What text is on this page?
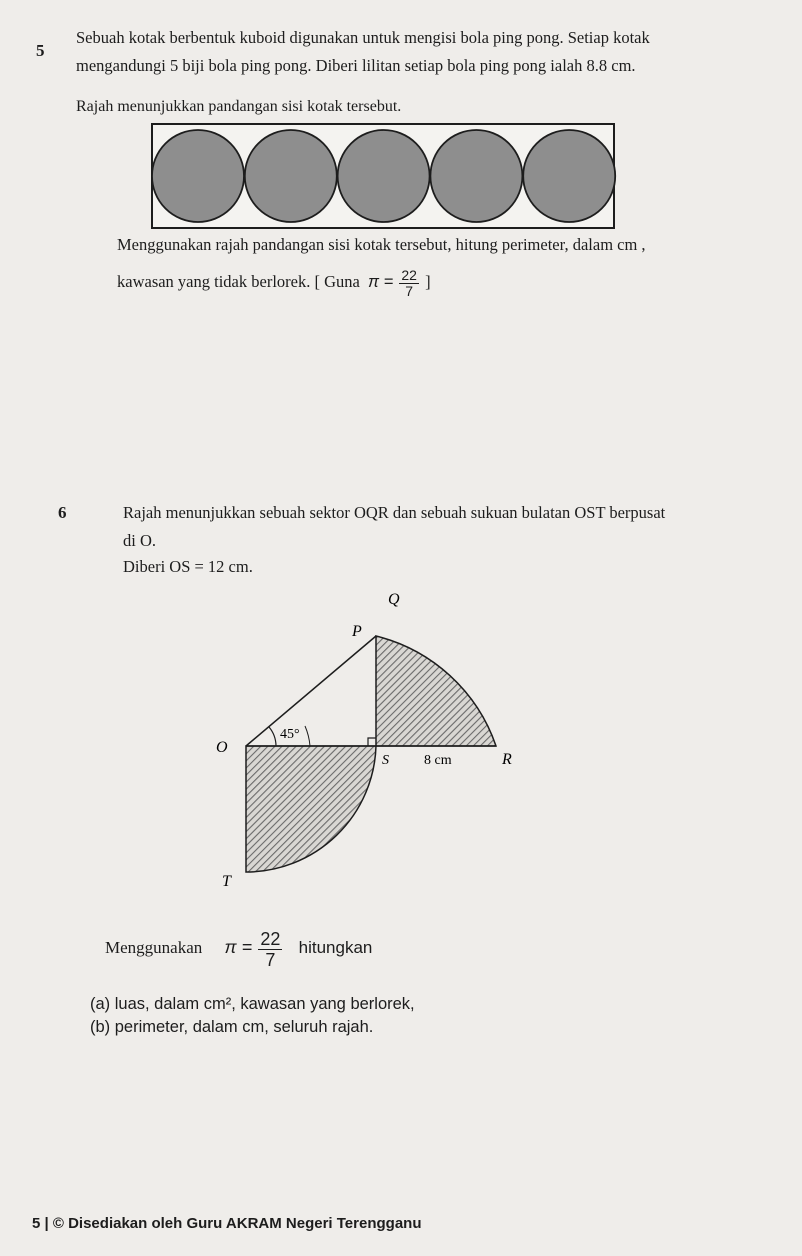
5
Sebuah kotak berbentuk kuboid digunakan untuk mengisi bola ping pong. Setiap kotak
mengandungi 5 biji bola ping pong. Diberi lilitan setiap bola ping pong ialah 8.8 cm.
Rajah menunjukkan pandangan sisi kotak tersebut.
Menggunakan rajah pandangan sisi kotak tersebut, hitung perimeter, dalam cm ,
kawasan yang tidak berlorek. [ Guna $\pi = \frac{22}{7}$ ]
6	Rajah menunjukkan sebuah sektor OQR dan sebuah sukuan bulatan OST berpusat
di O.
Diberi OS = 12 cm.
Q
P
O
45°
S	8 cm	R
T
Menggunakan $\pi = \frac{22}{7}$ hitungkan
(a) luas, dalam cm², kawasan yang berlorek,
(b) perimeter, dalam cm, seluruh rajah.
5 | © Disediakan oleh Guru AKRAM Negeri Terengganu
